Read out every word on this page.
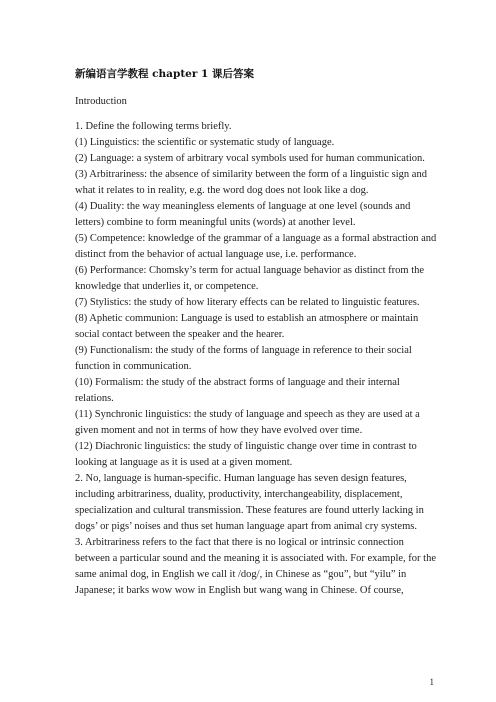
新编语言学教程 chapter 1 课后答案
Introduction

1. Define the following terms briefly.

(1) Linguistics: the scientific or systematic study of language.

(2) Language: a system of arbitrary vocal symbols used for human communication.

(3) Arbitrariness: the absence of similarity between the form of a linguistic sign and

what it relates to in reality, e.g. the word dog does not look like a dog.

(4) Duality: the way meaningless elements of language at one level (sounds and

letters) combine to form meaningful units (words) at another level.

(5) Competence: knowledge of the grammar of a language as a formal abstraction and

distinct from the behavior of actual language use, i.e. performance.

(6) Performance: Chomsky’s term for actual language behavior as distinct from the

knowledge that underlies it, or competence.

(7) Stylistics: the study of how literary effects can be related to linguistic features.

(8) Aphetic communion: Language is used to establish an atmosphere or maintain

social contact between the speaker and the hearer.

(9) Functionalism: the study of the forms of language in reference to their social

function in communication.

(10) Formalism: the study of the abstract forms of language and their internal

relations.

(11) Synchronic linguistics: the study of language and speech as they are used at a

given moment and not in terms of how they have evolved over time.

(12) Diachronic linguistics: the study of linguistic change over time in contrast to

looking at language as it is used at a given moment.

2. No, language is human-specific. Human language has seven design features,

including arbitrariness, duality, productivity, interchangeability, displacement,

specialization and cultural transmission. These features are found utterly lacking in

dogs’ or pigs’ noises and thus set human language apart from animal cry systems.

3. Arbitrariness refers to the fact that there is no logical or intrinsic connection

between a particular sound and the meaning it is associated with. For example, for the

same animal dog, in English we call it /dog/, in Chinese as “gou”, but “yilu” in

Japanese; it barks wow wow in English but wang wang in Chinese. Of course,

1
